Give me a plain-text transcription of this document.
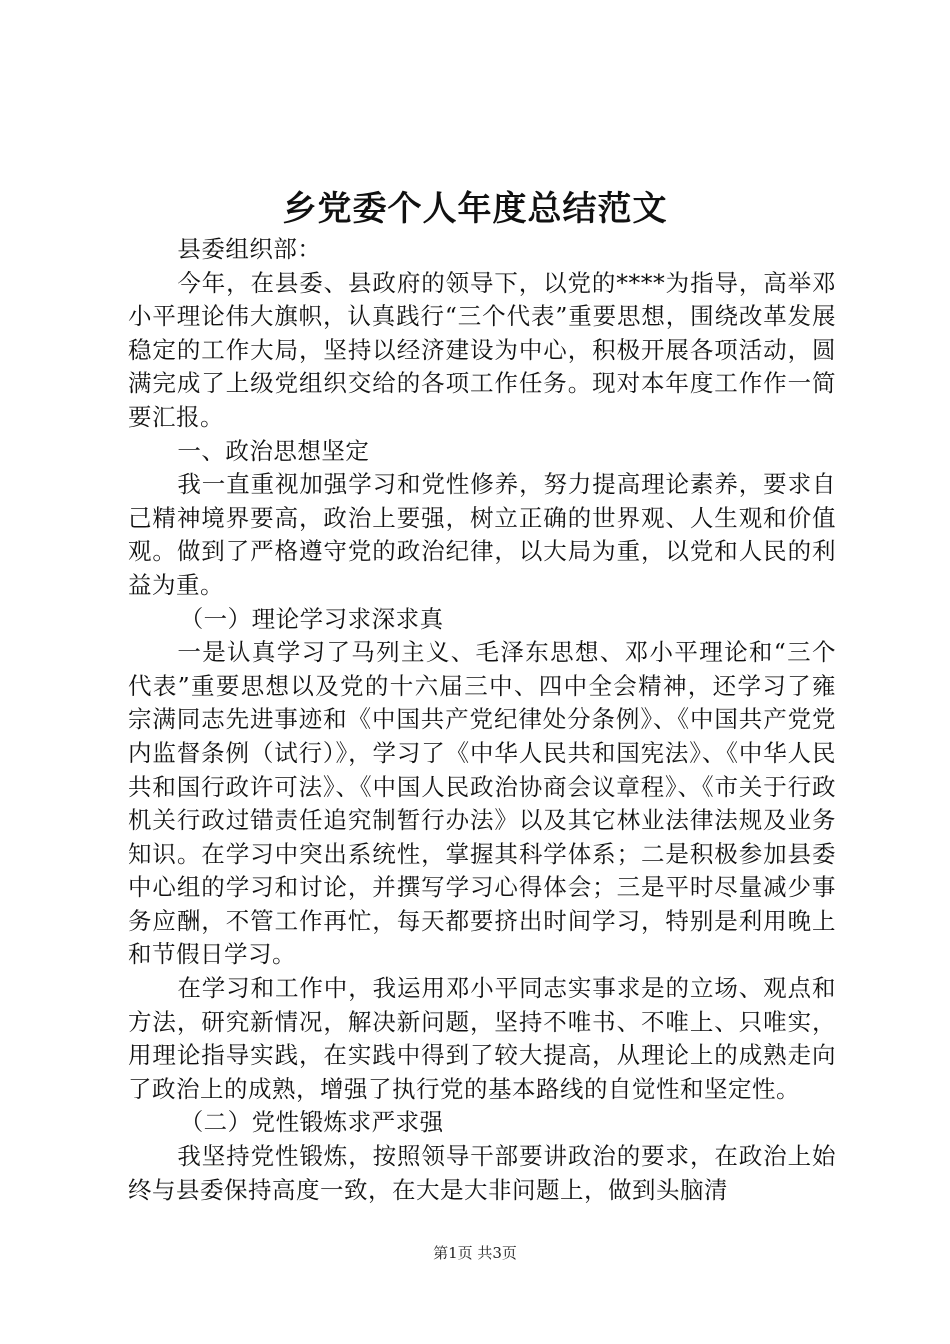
乡党委个人年度总结范文

县委组织部：

今年，在县委、县政府的领导下，以党的****为指导，高举邓小平理论伟大旗帜，认真践行“三个代表”重要思想，围绕改革发展稳定的工作大局，坚持以经济建设为中心，积极开展各项活动，圆满完成了上级党组织交给的各项工作任务。现对本年度工作作一简要汇报。

一、政治思想坚定

我一直重视加强学习和党性修养，努力提高理论素养，要求自己精神境界要高，政治上要强，树立正确的世界观、人生观和价值观。做到了严格遵守党的政治纪律，以大局为重，以党和人民的利益为重。

（一）理论学习求深求真

一是认真学习了马列主义、毛泽东思想、邓小平理论和“三个代表”重要思想以及党的十六届三中、四中全会精神，还学习了雍宗满同志先进事迹和《中国共产党纪律处分条例》、《中国共产党党内监督条例（试行）》，学习了《中华人民共和国宪法》、《中华人民共和国行政许可法》、《中国人民政治协商会议章程》、《市关于行政机关行政过错责任追究制暂行办法》以及其它林业法律法规及业务知识。在学习中突出系统性，掌握其科学体系；二是积极参加县委中心组的学习和讨论，并撰写学习心得体会；三是平时尽量减少事务应酬，不管工作再忙，每天都要挤出时间学习，特别是利用晚上和节假日学习。

在学习和工作中，我运用邓小平同志实事求是的立场、观点和方法，研究新情况，解决新问题，坚持不唯书、不唯上、只唯实，用理论指导实践，在实践中得到了较大提高，从理论上的成熟走向了政治上的成熟，增强了执行党的基本路线的自觉性和坚定性。

（二）党性锻炼求严求强

我坚持党性锻炼，按照领导干部要讲政治的要求，在政治上始终与县委保持高度一致，在大是大非问题上，做到头脑清

第1页 共3页
